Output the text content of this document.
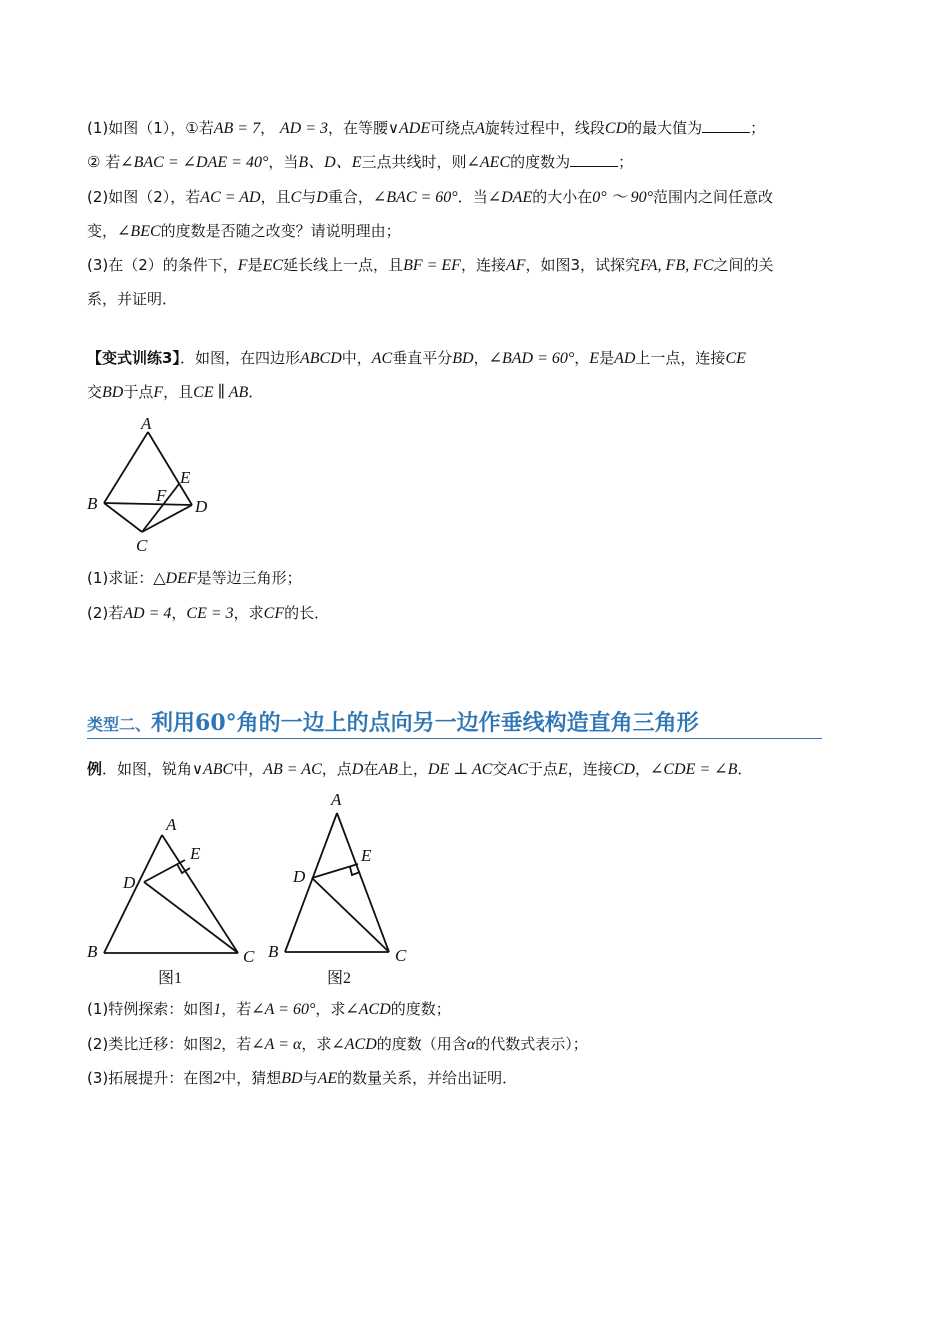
(1)如图（1），①若AB = 7， AD = 3，在等腰∨ADE可绕点A旋转过程中，线段CD的最大值为	；
② 若∠BAC = ∠DAE = 40°，当B、D、E三点共线时，则∠AEC的度数为	；
(2)如图（2），若AC = AD，且C与D重合，∠BAC = 60°．当∠DAE的大小在0° ～ 90°范围内之间任意改
变，∠BEC的度数是否随之改变？请说明理由；
(3)在（2）的条件下，F是EC延长线上一点，且BF = EF，连接AF，如图3，试探究FA, FB, FC之间的关
系，并证明．
【变式训练3】．如图，在四边形ABCD中，AC垂直平分BD，∠BAD = 60°，E是AD上一点，连接CE
交BD于点F，且CE ∥ AB．
A
E
F
B	D
C
(1)求证：△DEF是等边三角形；
(2)若AD = 4，CE = 3，求CF的长．
类型二、利用60°角的一边上的点向另一边作垂线构造直角三角形
例．如图，锐角∨ABC中，AB = AC，点D在AB上，DE ⊥ AC交AC于点E，连接CD，∠CDE = ∠B．
A
E
D
B	C
图1
A
E
D
B	C
图2
(1)特例探索：如图1，若∠A = 60°，求∠ACD的度数；
(2)类比迁移：如图2，若∠A = α，求∠ACD的度数（用含α的代数式表示）；
(3)拓展提升：在图2中，猜想BD与AE的数量关系，并给出证明．
